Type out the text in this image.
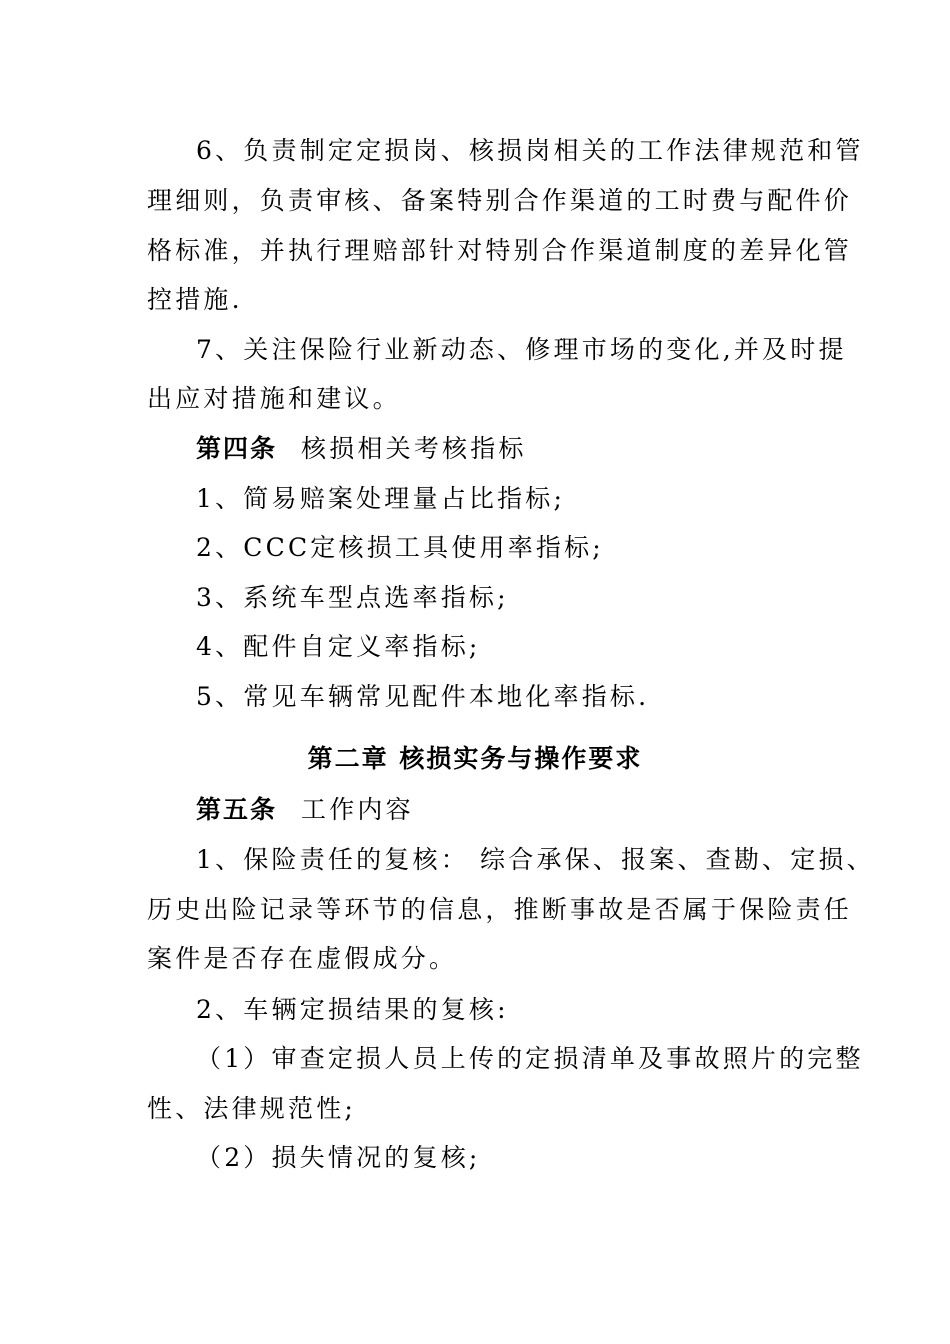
6、负责制定定损岗、核损岗相关的工作法律规范和管
理细则，负责审核、备案特别合作渠道的工时费与配件价
格标准，并执行理赔部针对特别合作渠道制度的差异化管
控措施.
7、关注保险行业新动态、修理市场的变化,并及时提
出应对措施和建议。
第四条 核损相关考核指标
1、简易赔案处理量占比指标;
2、CCC定核损工具使用率指标;
3、系统车型点选率指标;
4、配件自定义率指标;
5、常见车辆常见配件本地化率指标.
第二章 核损实务与操作要求
第五条 工作内容
1、保险责任的复核： 综合承保、报案、查勘、定损、
历史出险记录等环节的信息，推断事故是否属于保险责任
案件是否存在虚假成分。
2、车辆定损结果的复核:
（1）审查定损人员上传的定损清单及事故照片的完整
性、法律规范性;
（2）损失情况的复核;
